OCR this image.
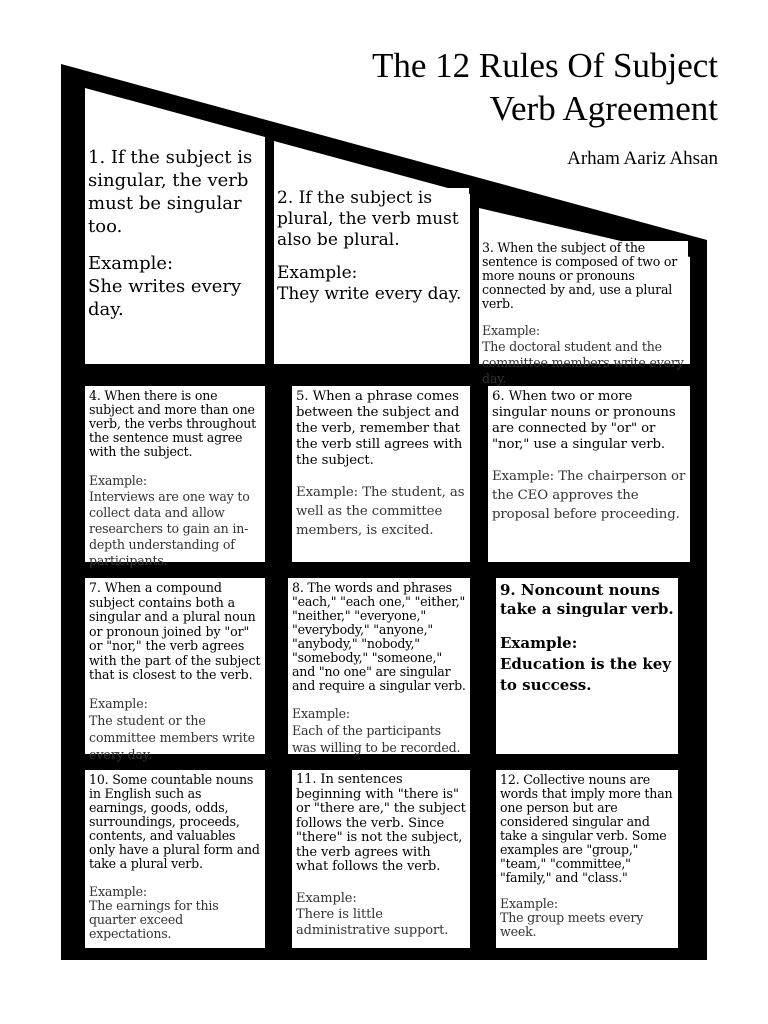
The 12 Rules Of Subject
Verb Agreement
Arham Aariz Ahsan
1. If the subject is singular, the verb must be singular too.
Example:
She writes every day.
2. If the subject is plural, the verb must also be plural.
Example:
They write every day.
3. When the subject of the sentence is composed of two or more nouns or pronouns connected by and, use a plural verb.
Example:
The doctoral student and the committee members write every day.
4. When there is one subject and more than one verb, the verbs throughout the sentence must agree with the subject.
Example:
Interviews are one way to collect data and allow researchers to gain an in-depth understanding of participants.
5. When a phrase comes between the subject and the verb, remember that the verb still agrees with the subject.
Example: The student, as well as the committee members, is excited.
6. When two or more singular nouns or pronouns are connected by "or" or "nor," use a singular verb.
Example: The chairperson or the CEO approves the proposal before proceeding.
7. When a compound subject contains both a singular and a plural noun or pronoun joined by "or" or "nor," the verb agrees with the part of the subject that is closest to the verb.
Example:
The student or the committee members write every day.
8. The words and phrases "each," "each one," "either," "neither," "everyone," "everybody," "anyone," "anybody," "nobody," "somebody," "someone," and "no one" are singular and require a singular verb.
Example:
Each of the participants was willing to be recorded.
9. Noncount nouns take a singular verb.
Example:
Education is the key to success.
10. Some countable nouns in English such as earnings, goods, odds, surroundings, proceeds, contents, and valuables only have a plural form and take a plural verb.
Example:
The earnings for this quarter exceed expectations.
11. In sentences beginning with "there is" or "there are," the subject follows the verb. Since "there" is not the subject, the verb agrees with what follows the verb.
Example:
There is little administrative support.
12. Collective nouns are words that imply more than one person but are considered singular and take a singular verb. Some examples are "group," "team," "committee," "family," and "class."
Example:
The group meets every week.
